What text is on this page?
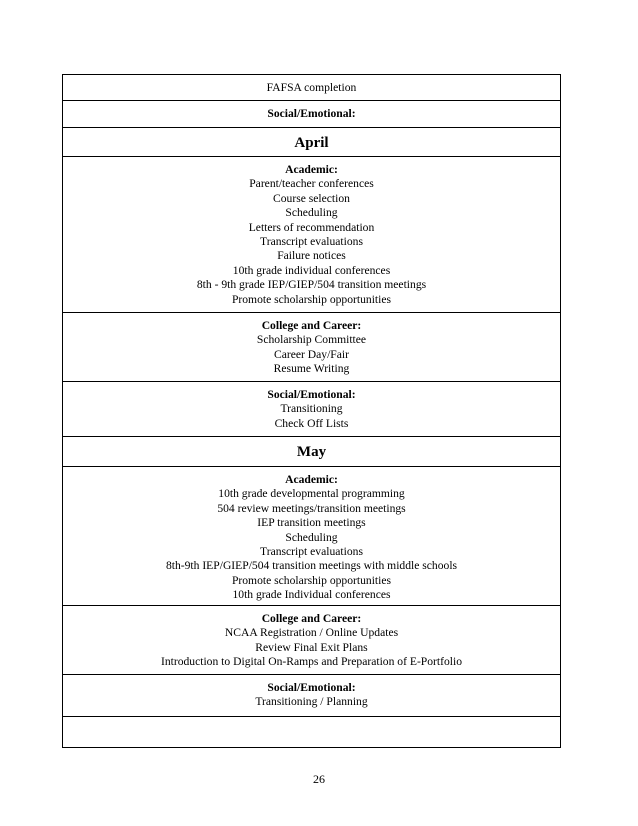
FAFSA completion
Social/Emotional:
April
Academic:
Parent/teacher conferences
Course selection
Scheduling
Letters of recommendation
Transcript evaluations
Failure notices
10th grade individual conferences
8th - 9th grade IEP/GIEP/504 transition meetings
Promote scholarship opportunities
College and Career:
Scholarship Committee
Career Day/Fair
Resume Writing
Social/Emotional:
Transitioning
Check Off Lists
May
Academic:
10th grade developmental programming
504 review meetings/transition meetings
IEP transition meetings
Scheduling
Transcript evaluations
8th-9th IEP/GIEP/504 transition meetings with middle schools
Promote scholarship opportunities
10th grade Individual conferences
College and Career:
NCAA Registration / Online Updates
Review Final Exit Plans
Introduction to Digital On-Ramps and Preparation of E-Portfolio
Social/Emotional:
Transitioning / Planning
26
